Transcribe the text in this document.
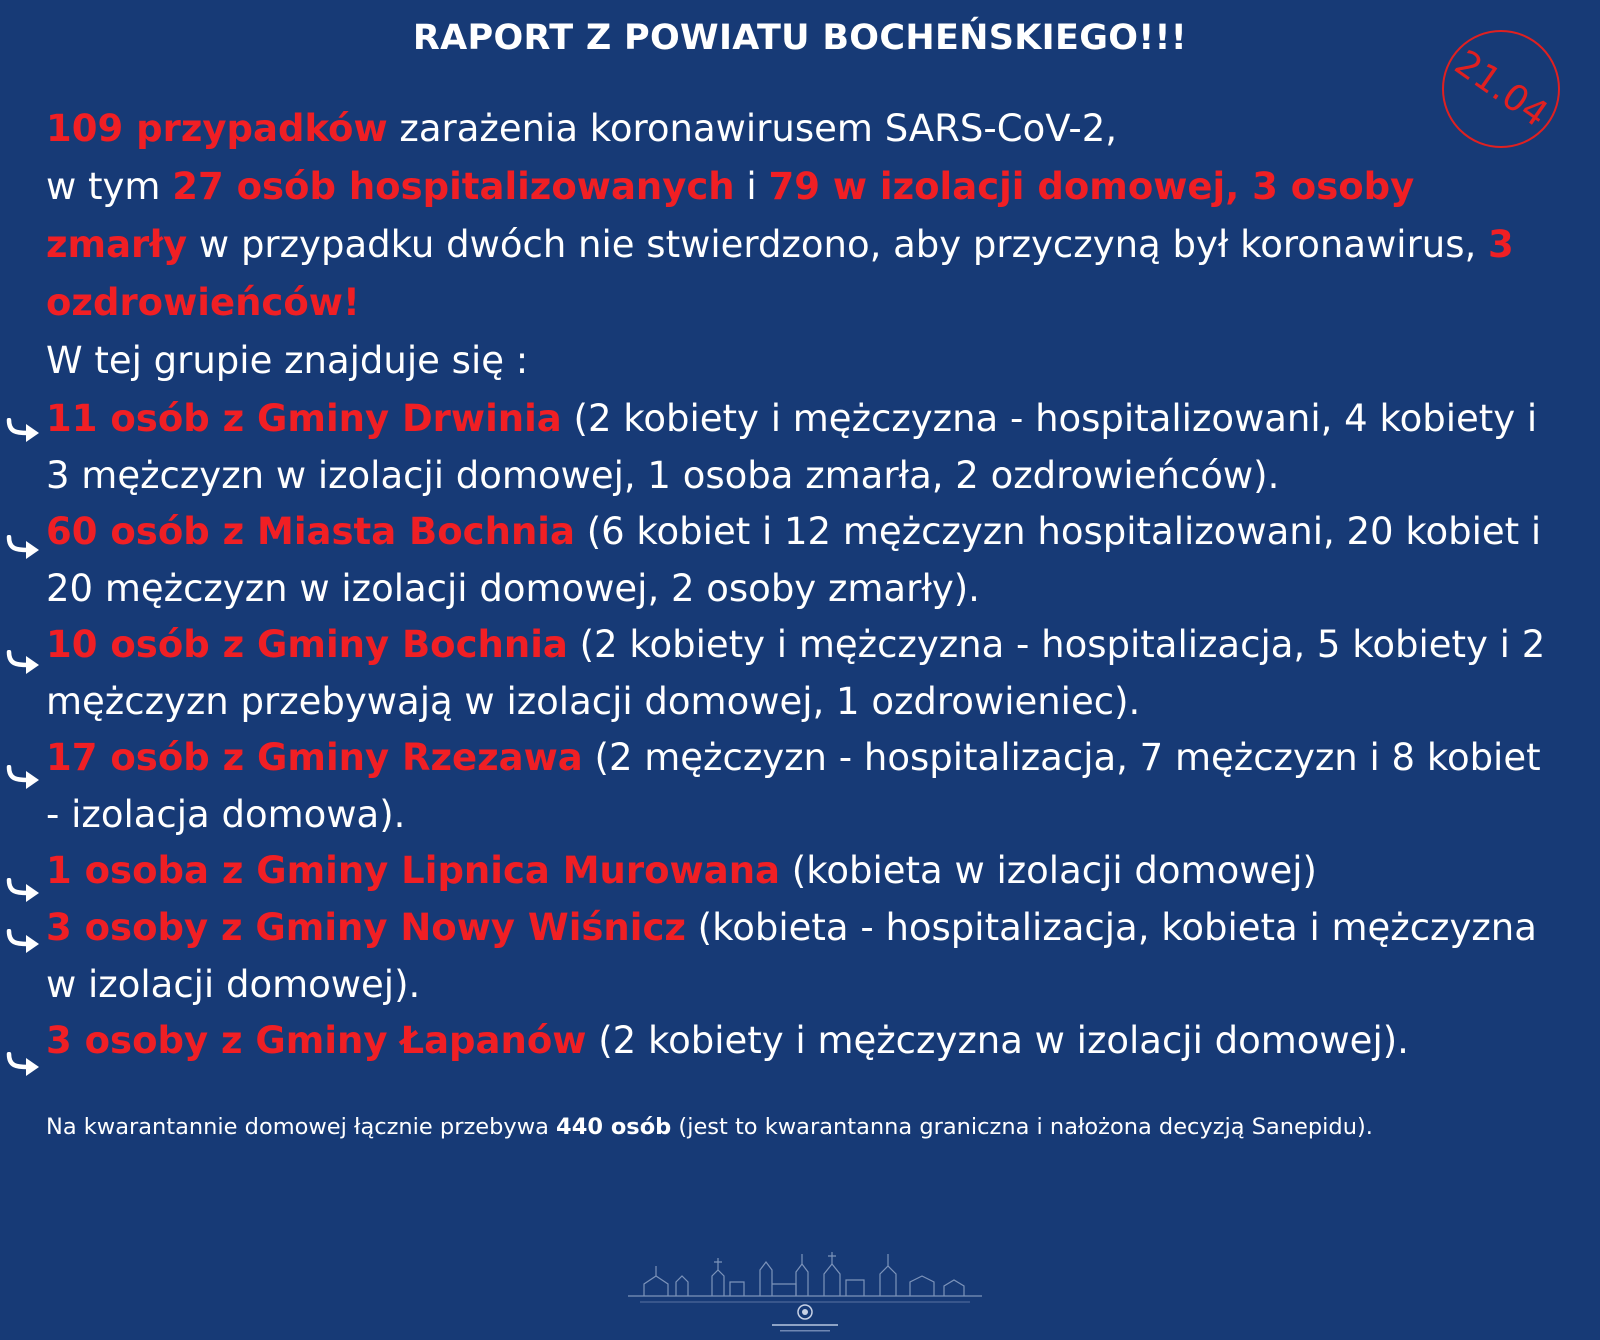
RAPORT Z POWIATU BOCHEŃSKIEGO!!!
21.04

109 przypadków zarażenia koronawirusem SARS-CoV-2,
w tym 27 osób hospitalizowanych i 79 w izolacji domowej, 3 osoby zmarły w przypadku dwóch nie stwierdzono, aby przyczyną był koronawirus, 3 ozdrowieńców!

W tej grupie znajduje się :

11 osób z Gminy Drwinia (2 kobiety i mężczyzna - hospitalizowani, 4 kobiety i 3 mężczyzn w izolacji domowej, 1 osoba zmarła, 2 ozdrowieńców).
60 osób z Miasta Bochnia (6 kobiet i 12 mężczyzn hospitalizowani, 20 kobiet i 20 mężczyzn w izolacji domowej, 2 osoby zmarły).
10 osób z Gminy Bochnia (2 kobiety i mężczyzna - hospitalizacja, 5 kobiety i 2 mężczyzn przebywają w izolacji domowej, 1 ozdrowieniec).
17 osób z Gminy Rzezawa (2 mężczyzn - hospitalizacja, 7 mężczyzn i 8 kobiet - izolacja domowa).
1 osoba z Gminy Lipnica Murowana (kobieta w izolacji domowej)
3 osoby z Gminy Nowy Wiśnicz (kobieta - hospitalizacja, kobieta i mężczyzna w izolacji domowej).
3 osoby z Gminy Łapanów (2 kobiety i mężczyzna w izolacji domowej).
Na kwarantannie domowej łącznie przebywa 440 osób (jest to kwarantanna graniczna i nałożona decyzją Sanepidu).
